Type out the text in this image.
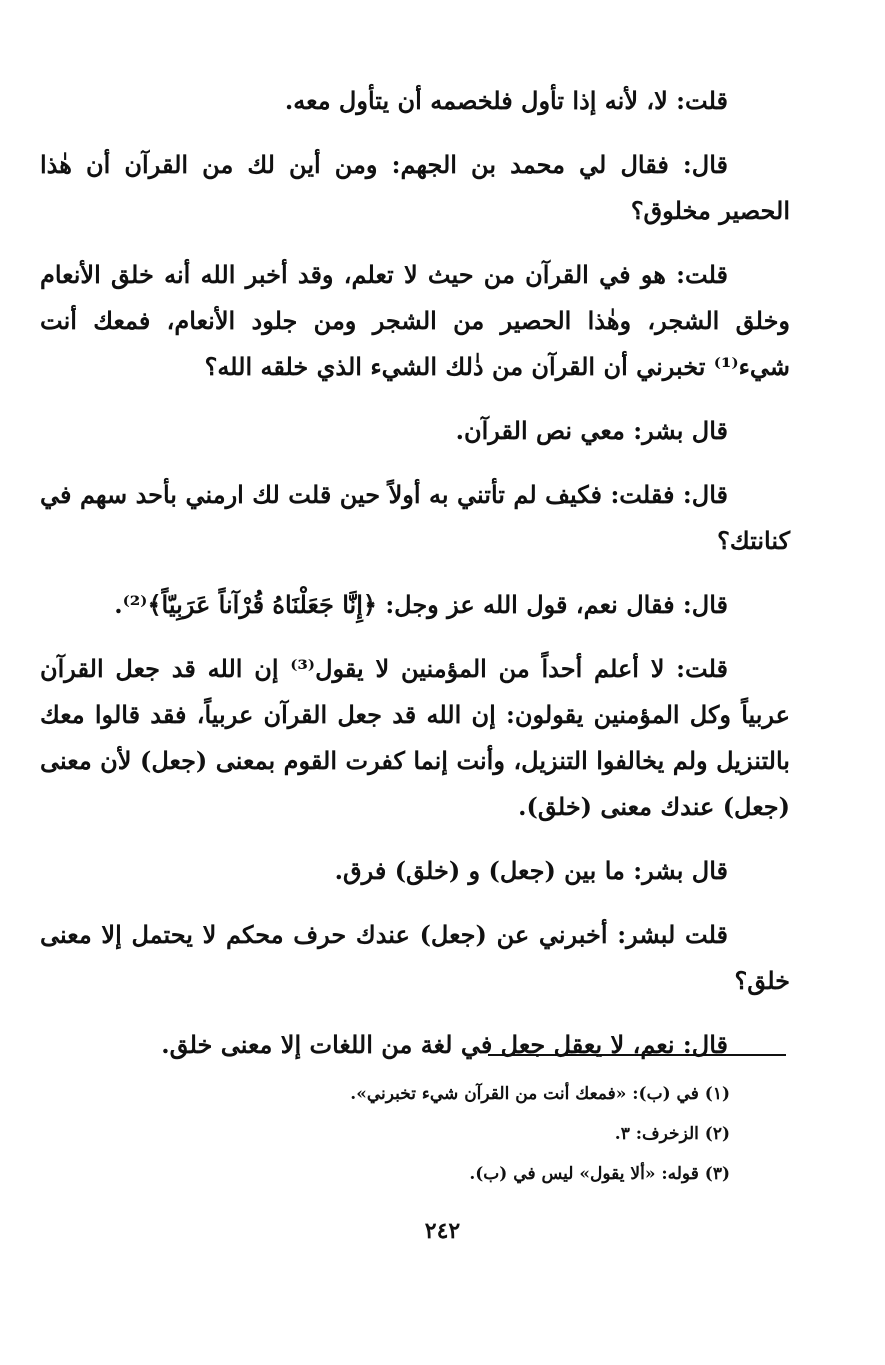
قلت: لا، لأنه إذا تأول فلخصمه أن يتأول معه.

قال: فقال لي محمد بن الجهم: ومن أين لك من القرآن أن هٰذا الحصير مخلوق؟

قلت: هو في القرآن من حيث لا تعلم، وقد أخبر الله أنه خلق الأنعام وخلق الشجر، وهٰذا الحصير من الشجر ومن جلود الأنعام، فمعك أنت شيء⁽¹⁾ تخبرني أن القرآن من ذٰلك الشيء الذي خلقه الله؟

قال بشر: معي نص القرآن.

قال: فقلت: فكيف لم تأتني به أولاً حين قلت لك ارمني بأحد سهم في كنانتك؟

قال: فقال نعم، قول الله عز وجل: ﴿إِنَّا جَعَلْنَاهُ قُرْآناً عَرَبِيّاً﴾⁽²⁾.

قلت: لا أعلم أحداً من المؤمنين لا يقول⁽³⁾ إن الله قد جعل القرآن عربياً وكل المؤمنين يقولون: إن الله قد جعل القرآن عربياً، فقد قالوا معك بالتنزيل ولم يخالفوا التنزيل، وأنت إنما كفرت القوم بمعنى (جعل) لأن معنى (جعل) عندك معنى (خلق).

قال بشر: ما بين (جعل) و (خلق) فرق.

قلت لبشر: أخبرني عن (جعل) عندك حرف محكم لا يحتمل إلا معنى خلق؟

قال: نعم، لا يعقل جعل في لغة من اللغات إلا معنى خلق.

(١) في (ب): «فمعك أنت من القرآن شيء تخبرني».

(٢) الزخرف: ٣.

(٣) قوله: «ألا يقول» ليس في (ب).

٢٤٢
